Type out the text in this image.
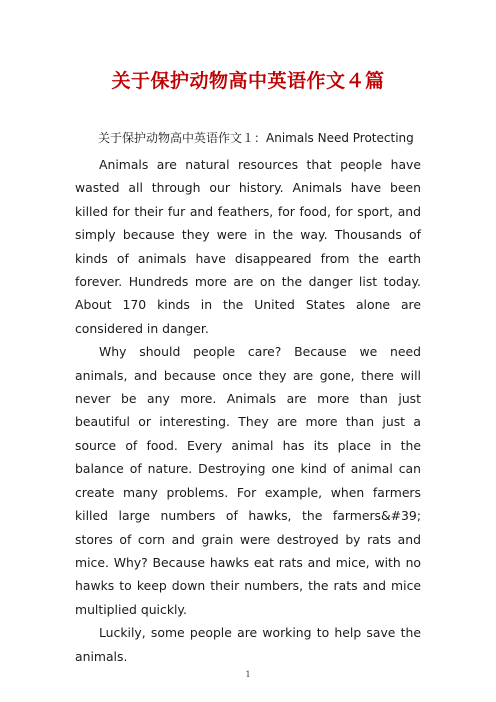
关于保护动物高中英语作文４篇
关于保护动物高中英语作文１：Animals Need Protecting

Animals are natural resources that people have wasted all through our history. Animals have been killed for their fur and feathers, for food, for sport, and simply because they were in the way. Thousands of kinds of animals have disappeared from the earth forever. Hundreds more are on the danger list today. About 170 kinds in the United States alone are considered in danger.

Why should people care? Because we need animals, and because once they are gone, there will never be any more. Animals are more than just beautiful or interesting. They are more than just a source of food. Every animal has its place in the balance of nature. Destroying one kind of animal can create many problems. For example, when farmers killed large numbers of hawks, the farmers&#39; stores of corn and grain were destroyed by rats and mice. Why? Because hawks eat rats and mice, with no hawks to keep down their numbers, the rats and mice multiplied quickly.

Luckily, some people are working to help save the animals.

1
